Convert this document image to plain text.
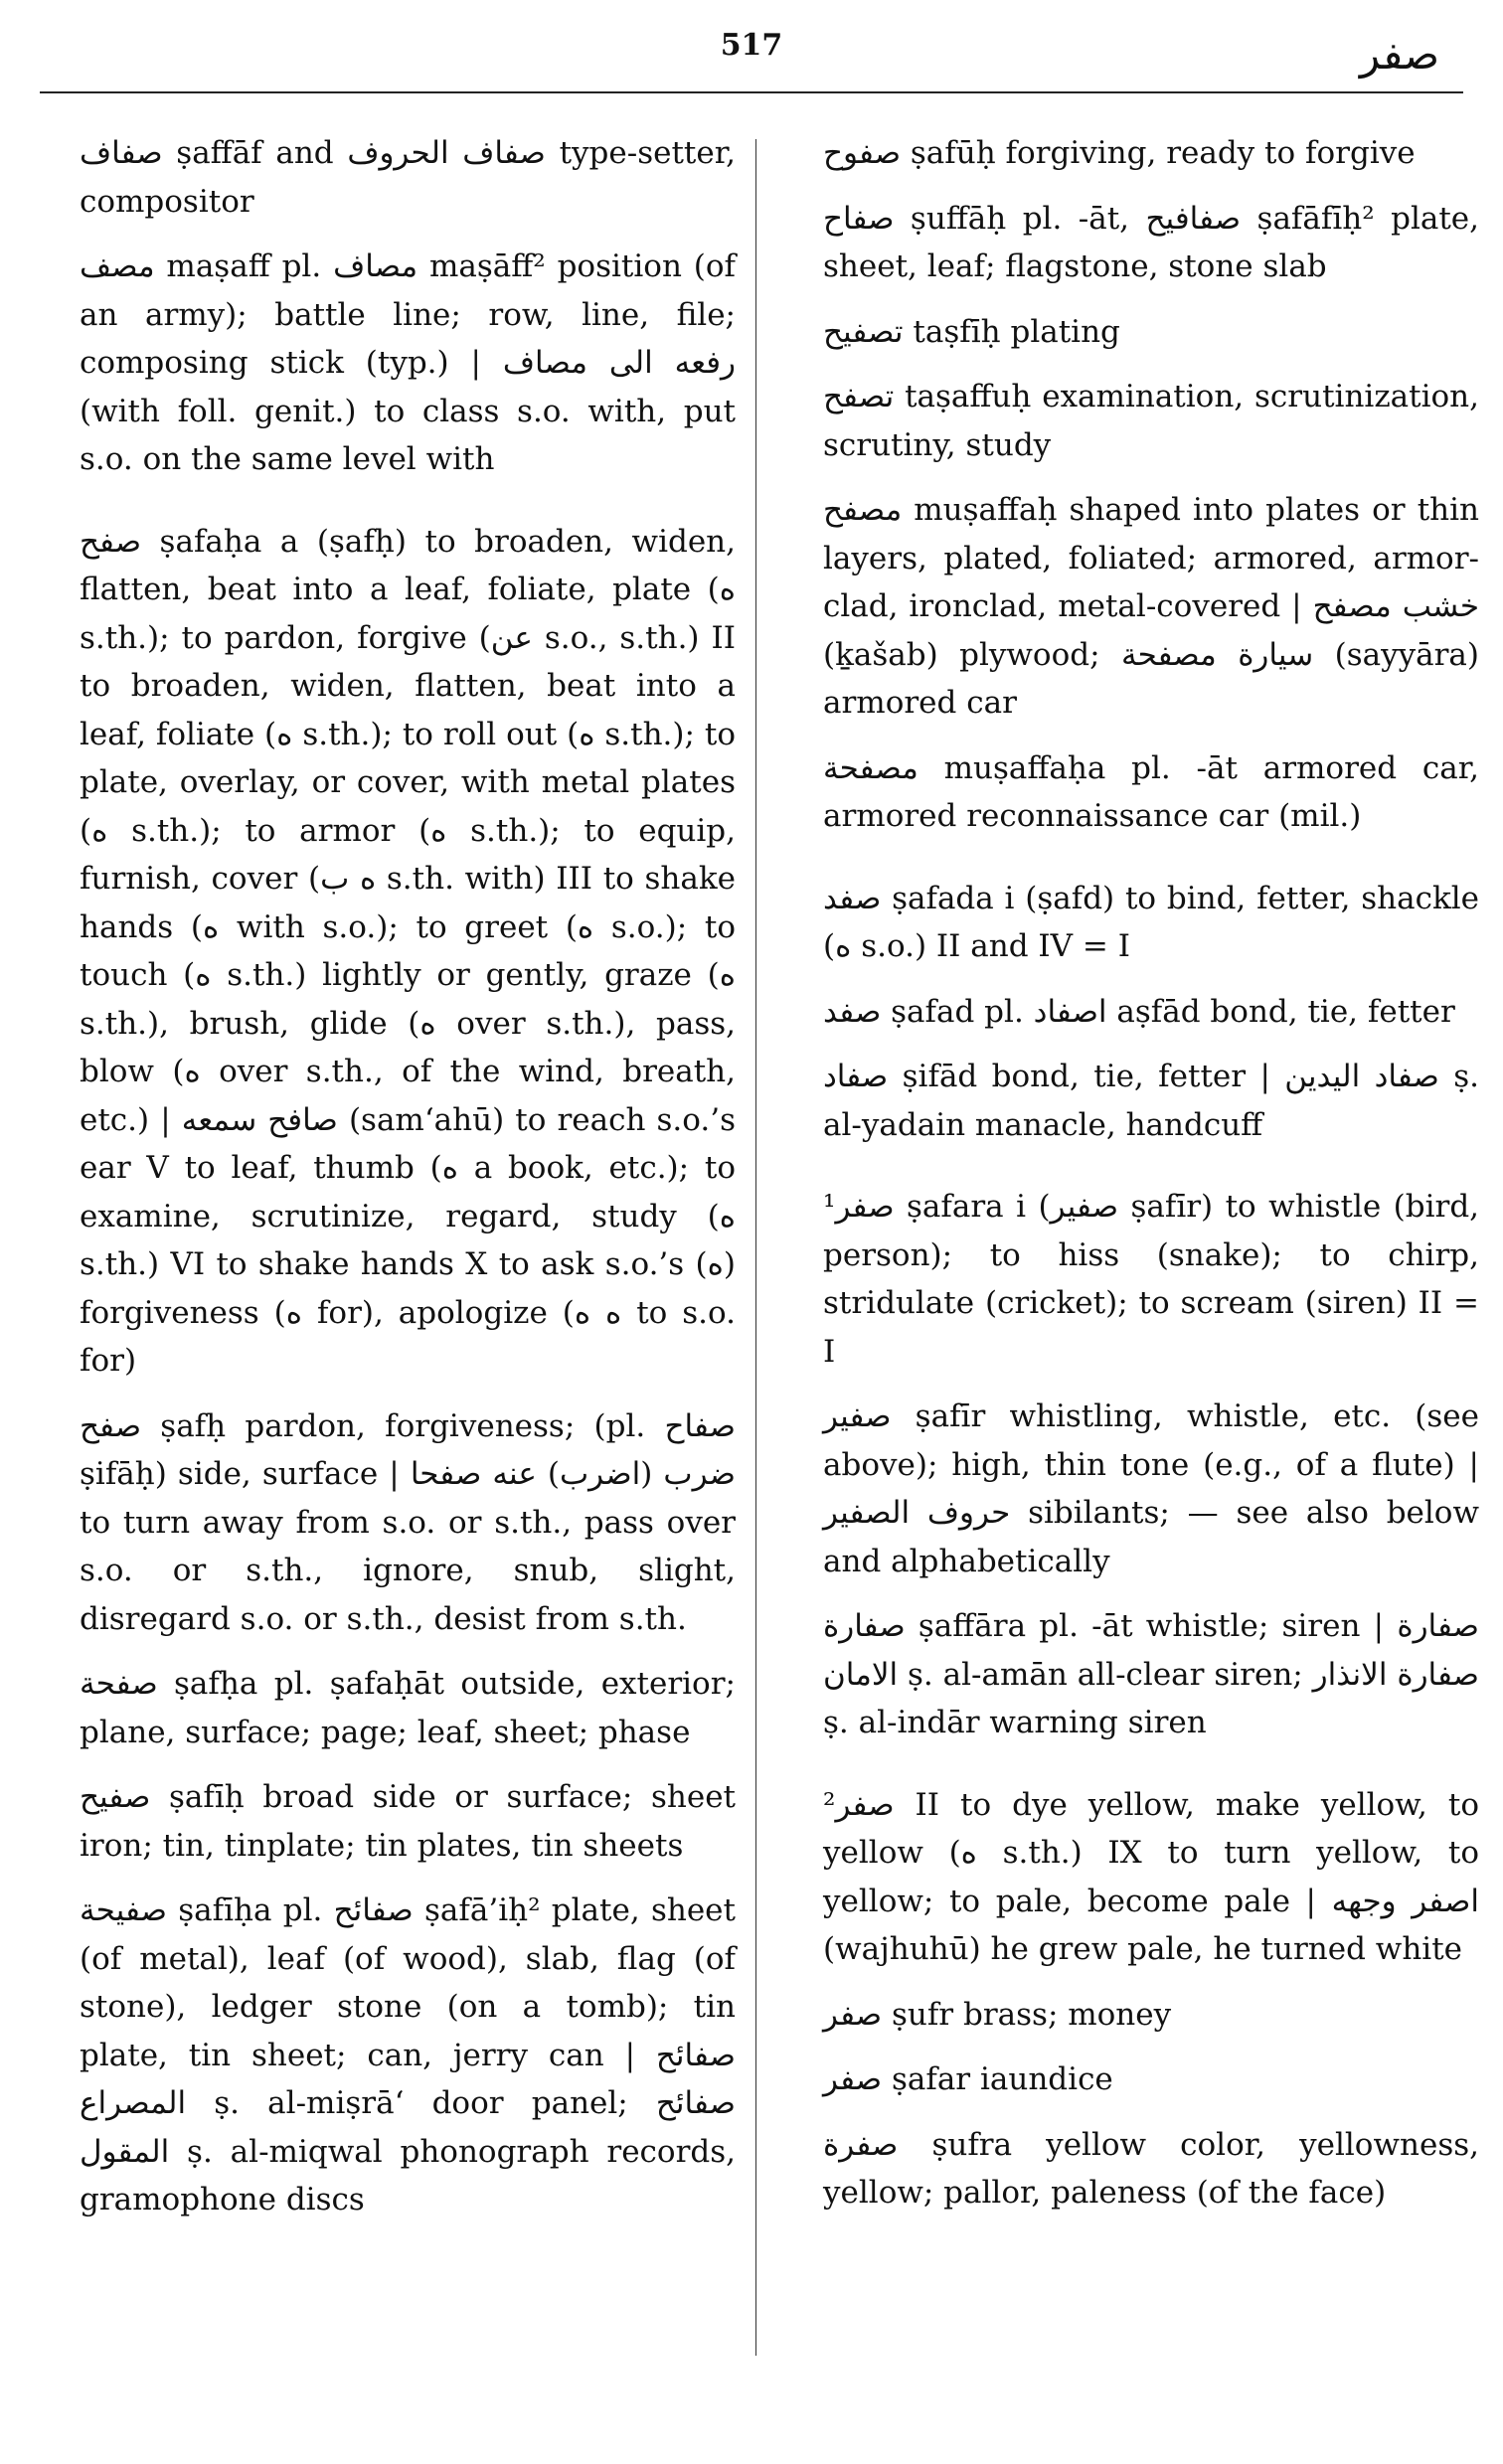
517	صفر

صفاف ṣaffāf and صفاف الحروف type-setter, compositor

مصف maṣaff pl. مصاف maṣāff² position (of an army); battle line; row, line, file; composing stick (typ.) | رفعه الى مصاف (with foll. genit.) to class s.o. with, put s.o. on the same level with

صفح ṣafaḥa a (ṣafḥ) to broaden, widen, flatten, beat into a leaf, foliate, plate (ه s.th.); to pardon, forgive (عن s.o., s.th.) II to broaden, widen, flatten, beat into a leaf, foliate (ه s.th.); to roll out (ه s.th.); to plate, overlay, or cover, with metal plates (ه s.th.); to armor (ه s.th.); to equip, furnish, cover (ه ب s.th. with) III to shake hands (ه with s.o.); to greet (ه s.o.); to touch (ه s.th.) lightly or gently, graze (ه s.th.), brush, glide (ه over s.th.), pass, blow (ه over s.th., of the wind, breath, etc.) | صافح سمعه (sam‘ahū) to reach s.o.’s ear V to leaf, thumb (ه a book, etc.); to examine, scrutinize, regard, study (ه s.th.) VI to shake hands X to ask s.o.’s (ه) forgiveness (ه for), apologize (ه ه to s.o. for)

صفح ṣafḥ pardon, forgiveness; (pl. صفاح ṣifāḥ) side, surface | ضرب (اضرب) عنه صفحا to turn away from s.o. or s.th., pass over s.o. or s.th., ignore, snub, slight, disregard s.o. or s.th., desist from s.th.

صفحة ṣafḥa pl. ṣafaḥāt outside, exterior; plane, surface; page; leaf, sheet; phase

صفيح ṣafīḥ broad side or surface; sheet iron; tin, tinplate; tin plates, tin sheets

صفيحة ṣafīḥa pl. صفائح ṣafā’iḥ² plate, sheet (of metal), leaf (of wood), slab, flag (of stone), ledger stone (on a tomb); tin plate, tin sheet; can, jerry can | صفائح المصراع ṣ. al-miṣrā‘ door panel; صفائح المقول ṣ. al-miqwal phonograph records, gramophone discs

صفوح ṣafūḥ forgiving, ready to forgive

صفاح ṣuffāḥ pl. -āt, صفافيح ṣafāfīḥ² plate, sheet, leaf; flagstone, stone slab

تصفيح taṣfīḥ plating

تصفح taṣaffuḥ examination, scrutinization, scrutiny, study

مصفح muṣaffaḥ shaped into plates or thin layers, plated, foliated; armored, armor-clad, ironclad, metal-covered | خشب مصفح (ḵašab) plywood; سيارة مصفحة (sayyāra) armored car

مصفحة muṣaffaḥa pl. -āt armored car, armored reconnaissance car (mil.)

صفد ṣafada i (ṣafd) to bind, fetter, shackle (ه s.o.) II and IV = I

صفد ṣafad pl. اصفاد aṣfād bond, tie, fetter

صفاد ṣifād bond, tie, fetter | صفاد اليدين ṣ. al-yadain manacle, handcuff

صفر¹ ṣafara i (صفير ṣafīr) to whistle (bird, person); to hiss (snake); to chirp, stridulate (cricket); to scream (siren) II = I

صفير ṣafīr whistling, whistle, etc. (see above); high, thin tone (e.g., of a flute) | حروف الصفير sibilants; — see also below and alphabetically

صفارة ṣaffāra pl. -āt whistle; siren | صفارة الامان ṣ. al-amān all-clear siren; صفارة الانذار ṣ. al-indār warning siren

صفر² II to dye yellow, make yellow, to yellow (ه s.th.) IX to turn yellow, to yellow; to pale, become pale | اصفر وجهه (wajhuhū) he grew pale, he turned white

صفر ṣufr brass; money

صفر ṣafar iaundice

صفرة ṣufra yellow color, yellowness, yellow; pallor, paleness (of the face)
